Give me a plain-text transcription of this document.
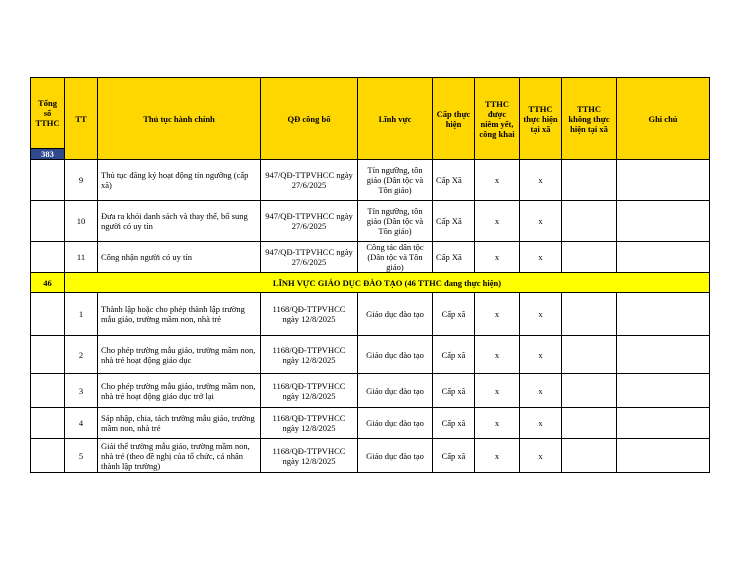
Tổng số TTHC	TT	Thủ tục hành chính	QĐ công bố	Lĩnh vực	Cấp thực hiện	TTHC được niêm yết, công khai	TTHC thực hiện tại xã	TTHC không thực hiện tại xã	Ghi chú
383									
	9	Thủ tục đăng ký hoạt động tín ngưỡng (cấp xã)	947/QĐ-TTPVHCC ngày 27/6/2025	Tín ngưỡng, tôn giáo (Dân tộc và Tôn giáo)	Cấp Xã	x	x		
	10	Đưa ra khỏi danh sách và thay thế, bổ sung người có uy tín	947/QĐ-TTPVHCC ngày 27/6/2025	Tín ngưỡng, tôn giáo (Dân tộc và Tôn giáo)	Cấp Xã	x	x		
	11	Công nhận người có uy tín	947/QĐ-TTPVHCC ngày 27/6/2025	Công tác dân tộc (Dân tộc và Tôn giáo)	Cấp Xã	x	x		
46	LĨNH VỰC GIÁO DỤC ĐÀO TẠO (46 TTHC đang thực hiện)								
	1	Thành lập hoặc cho phép thành lập trường mẫu giáo, trường mầm non, nhà trẻ	1168/QĐ-TTPVHCC ngày 12/8/2025	Giáo dục đào tạo	Cấp xã	x	x		
	2	Cho phép trường mẫu giáo, trường mầm non, nhà trẻ hoạt động giáo dục	1168/QĐ-TTPVHCC ngày 12/8/2025	Giáo dục đào tạo	Cấp xã	x	x		
	3	Cho phép trường mẫu giáo, trường mầm non, nhà trẻ hoạt động giáo dục trở lại	1168/QĐ-TTPVHCC ngày 12/8/2025	Giáo dục đào tạo	Cấp xã	x	x		
	4	Sáp nhập, chia, tách trường mẫu giáo, trường mầm non, nhà trẻ	1168/QĐ-TTPVHCC ngày 12/8/2025	Giáo dục đào tạo	Cấp xã	x	x		
	5	Giải thể trường mẫu giáo, trường mầm non, nhà trẻ (theo đề nghị của tổ chức, cá nhân thành lập trường)	1168/QĐ-TTPVHCC ngày 12/8/2025	Giáo dục đào tạo	Cấp xã	x	x		
